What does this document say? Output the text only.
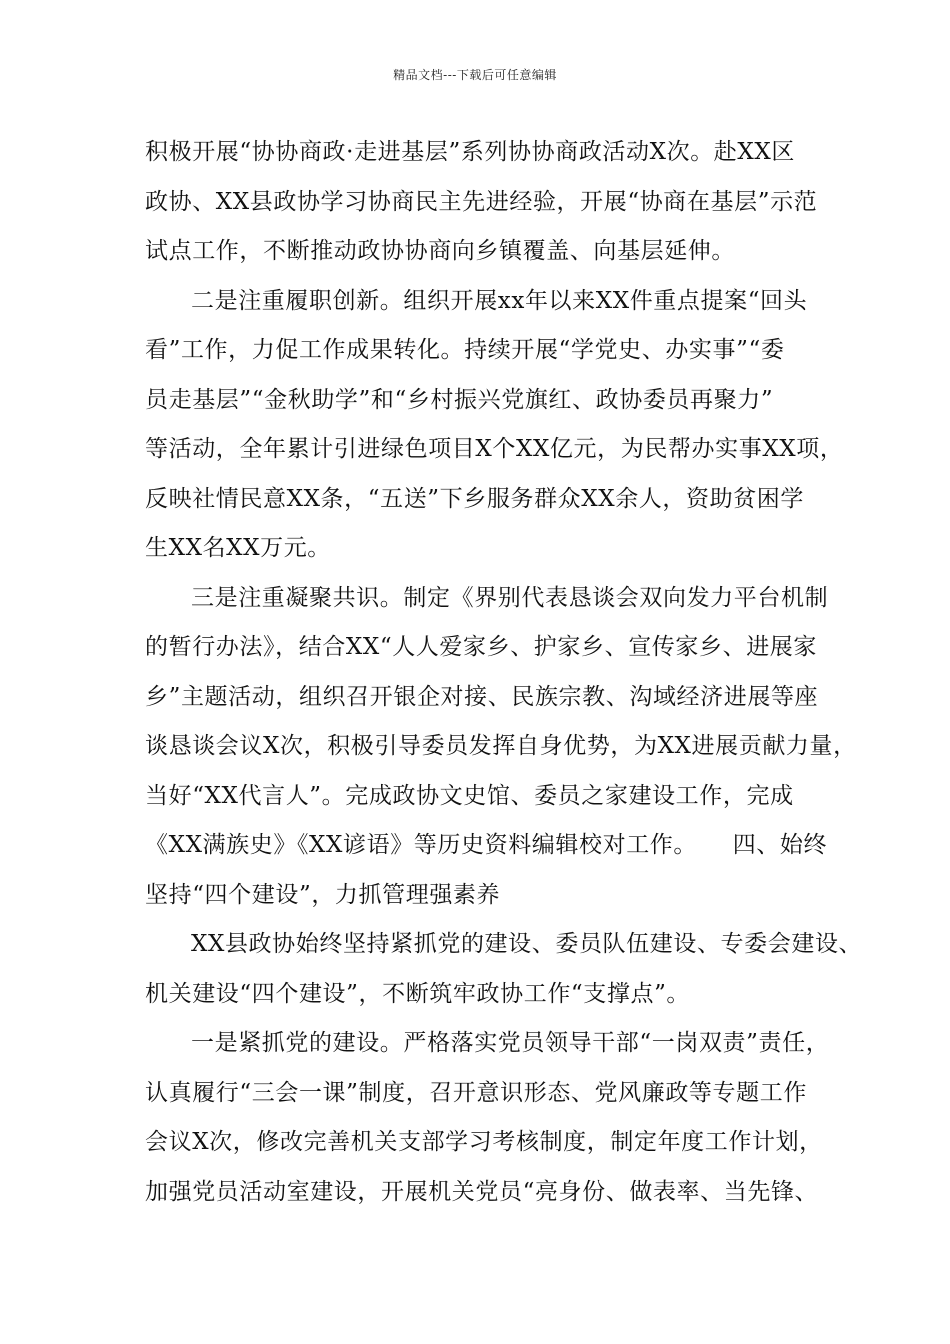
精品文档---下载后可任意编辑
积极开展“协协商政·走进基层”系列协协商政活动X次。赴XX区
政协、XX县政协学习协商民主先进经验，开展“协商在基层”示范
试点工作，不断推动政协协商向乡镇覆盖、向基层延伸。
二是注重履职创新。组织开展xx年以来XX件重点提案“回头
看”工作，力促工作成果转化。持续开展“学党史、办实事”“委
员走基层”“金秋助学”和“乡村振兴党旗红、政协委员再聚力”
等活动，全年累计引进绿色项目X个XX亿元，为民帮办实事XX项，
反映社情民意XX条，“五送”下乡服务群众XX余人，资助贫困学
生XX名XX万元。
三是注重凝聚共识。制定《界别代表恳谈会双向发力平台机制
的暂行办法》，结合XX“人人爱家乡、护家乡、宣传家乡、进展家
乡”主题活动，组织召开银企对接、民族宗教、沟域经济进展等座
谈恳谈会议X次，积极引导委员发挥自身优势，为XX进展贡献力量，
当好“XX代言人”。完成政协文史馆、委员之家建设工作，完成
《XX满族史》《XX谚语》等历史资料编辑校对工作。　　四、始终
坚持“四个建设”，力抓管理强素养
XX县政协始终坚持紧抓党的建设、委员队伍建设、专委会建设、
机关建设“四个建设”，不断筑牢政协工作“支撑点”。
一是紧抓党的建设。严格落实党员领导干部“一岗双责”责任，
认真履行“三会一课”制度，召开意识形态、党风廉政等专题工作
会议X次，修改完善机关支部学习考核制度，制定年度工作计划，
加强党员活动室建设，开展机关党员“亮身份、做表率、当先锋、
